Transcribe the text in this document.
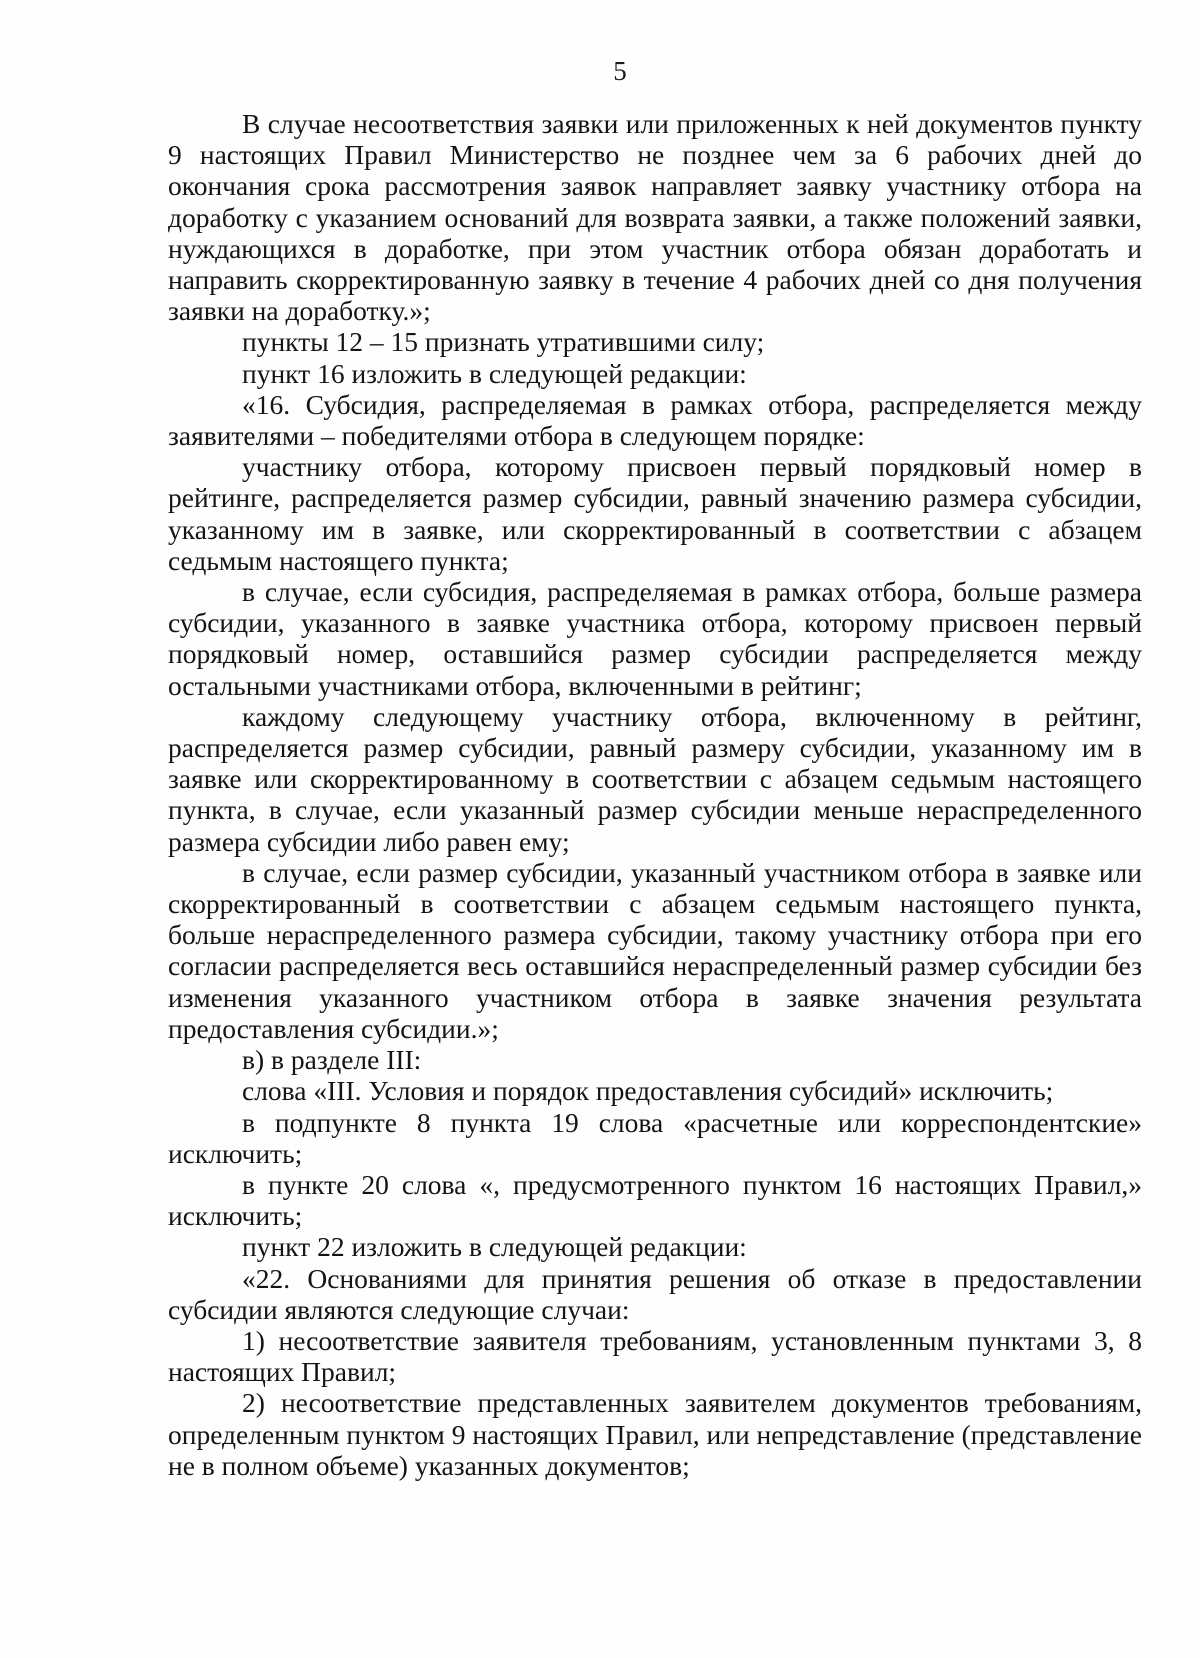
5

В случае несоответствия заявки или приложенных к ней документов пункту 9 настоящих Правил Министерство не позднее чем за 6 рабочих дней до окончания срока рассмотрения заявок направляет заявку участнику отбора на доработку с указанием оснований для возврата заявки, а также положений заявки, нуждающихся в доработке, при этом участник отбора обязан доработать и направить скорректированную заявку в течение 4 рабочих дней со дня получения заявки на доработку.»;

пункты 12 – 15 признать утратившими силу;

пункт 16 изложить в следующей редакции:

«16. Субсидия, распределяемая в рамках отбора, распределяется между заявителями – победителями отбора в следующем порядке:

участнику отбора, которому присвоен первый порядковый номер в рейтинге, распределяется размер субсидии, равный значению размера субсидии, указанному им в заявке, или скорректированный в соответствии с абзацем седьмым настоящего пункта;

в случае, если субсидия, распределяемая в рамках отбора, больше размера субсидии, указанного в заявке участника отбора, которому присвоен первый порядковый номер, оставшийся размер субсидии распределяется между остальными участниками отбора, включенными в рейтинг;

каждому следующему участнику отбора, включенному в рейтинг, распределяется размер субсидии, равный размеру субсидии, указанному им в заявке или скорректированному в соответствии с абзацем седьмым настоящего пункта, в случае, если указанный размер субсидии меньше нераспределенного размера субсидии либо равен ему;

в случае, если размер субсидии, указанный участником отбора в заявке или скорректированный в соответствии с абзацем седьмым настоящего пункта, больше нераспределенного размера субсидии, такому участнику отбора при его согласии распределяется весь оставшийся нераспределенный размер субсидии без изменения указанного участником отбора в заявке значения результата предоставления субсидии.»;

в) в разделе III:

слова «III. Условия и порядок предоставления субсидий» исключить;

в подпункте 8 пункта 19 слова «расчетные или корреспондентские» исключить;

в пункте 20 слова «, предусмотренного пунктом 16 настоящих Правил,» исключить;

пункт 22 изложить в следующей редакции:

«22. Основаниями для принятия решения об отказе в предоставлении субсидии являются следующие случаи:

1) несоответствие заявителя требованиям, установленным пунктами 3, 8 настоящих Правил;

2) несоответствие представленных заявителем документов требованиям, определенным пунктом 9 настоящих Правил, или непредставление (представление не в полном объеме) указанных документов;
